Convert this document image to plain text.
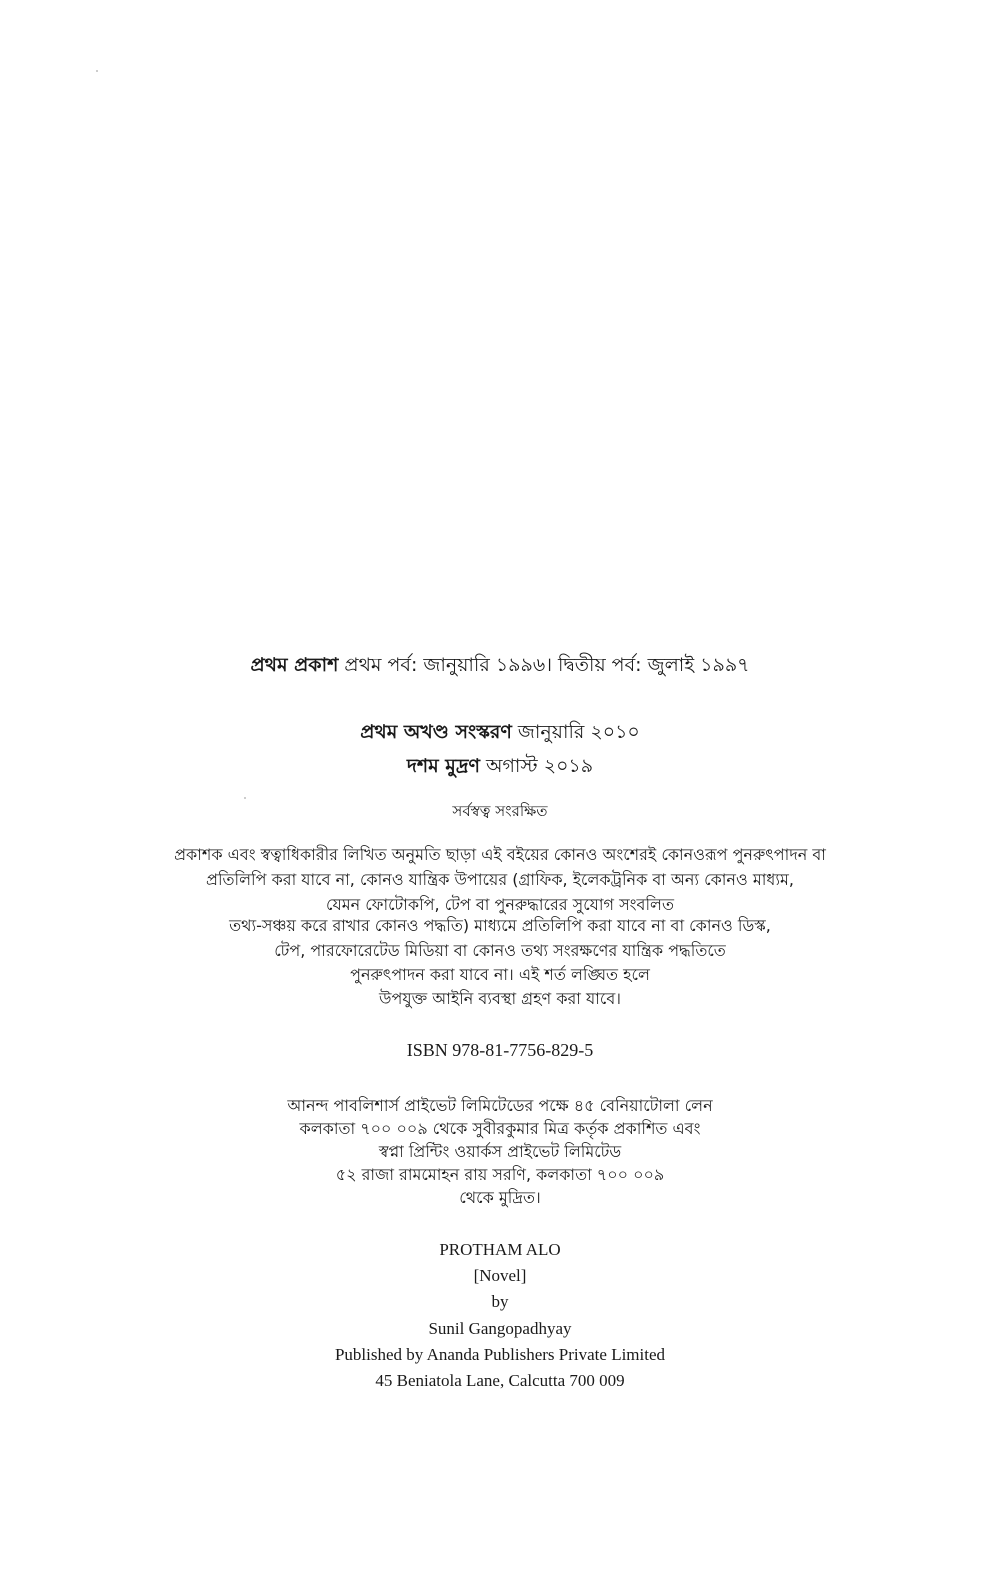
প্রথম প্রকাশ প্রথম পর্ব: জানুয়ারি ১৯৯৬। দ্বিতীয় পর্ব: জুলাই ১৯৯৭
প্রথম অখণ্ড সংস্করণ জানুয়ারি ২০১০
দশম মুদ্রণ অগাস্ট ২০১৯
সর্বস্বত্ব সংরক্ষিত
প্রকাশক এবং স্বত্বাধিকারীর লিখিত অনুমতি ছাড়া এই বইয়ের কোনও অংশেরই কোনওরূপ পুনরুৎপাদন বা
প্রতিলিপি করা যাবে না, কোনও যান্ত্রিক উপায়ের (গ্রাফিক, ইলেকট্রনিক বা অন্য কোনও মাধ্যম,
যেমন ফোটোকপি, টেপ বা পুনরুদ্ধারের সুযোগ সংবলিত
তথ্য-সঞ্চয় করে রাখার কোনও পদ্ধতি) মাধ্যমে প্রতিলিপি করা যাবে না বা কোনও ডিস্ক,
টেপ, পারফোরেটেড মিডিয়া বা কোনও তথ্য সংরক্ষণের যান্ত্রিক পদ্ধতিতে
পুনরুৎপাদন করা যাবে না। এই শর্ত লঙ্ঘিত হলে
উপযুক্ত আইনি ব্যবস্থা গ্রহণ করা যাবে।
ISBN 978-81-7756-829-5
আনন্দ পাবলিশার্স প্রাইভেট লিমিটেডের পক্ষে ৪৫ বেনিয়াটোলা লেন
কলকাতা ৭০০ ০০৯ থেকে সুবীরকুমার মিত্র কর্তৃক প্রকাশিত এবং
স্বপ্না প্রিন্টিং ওয়ার্কস প্রাইভেট লিমিটেড
৫২ রাজা রামমোহন রায় সরণি, কলকাতা ৭০০ ০০৯
থেকে মুদ্রিত।
PROTHAM ALO
[Novel]
by
Sunil Gangopadhyay
Published by Ananda Publishers Private Limited
45 Beniatola Lane, Calcutta 700 009
